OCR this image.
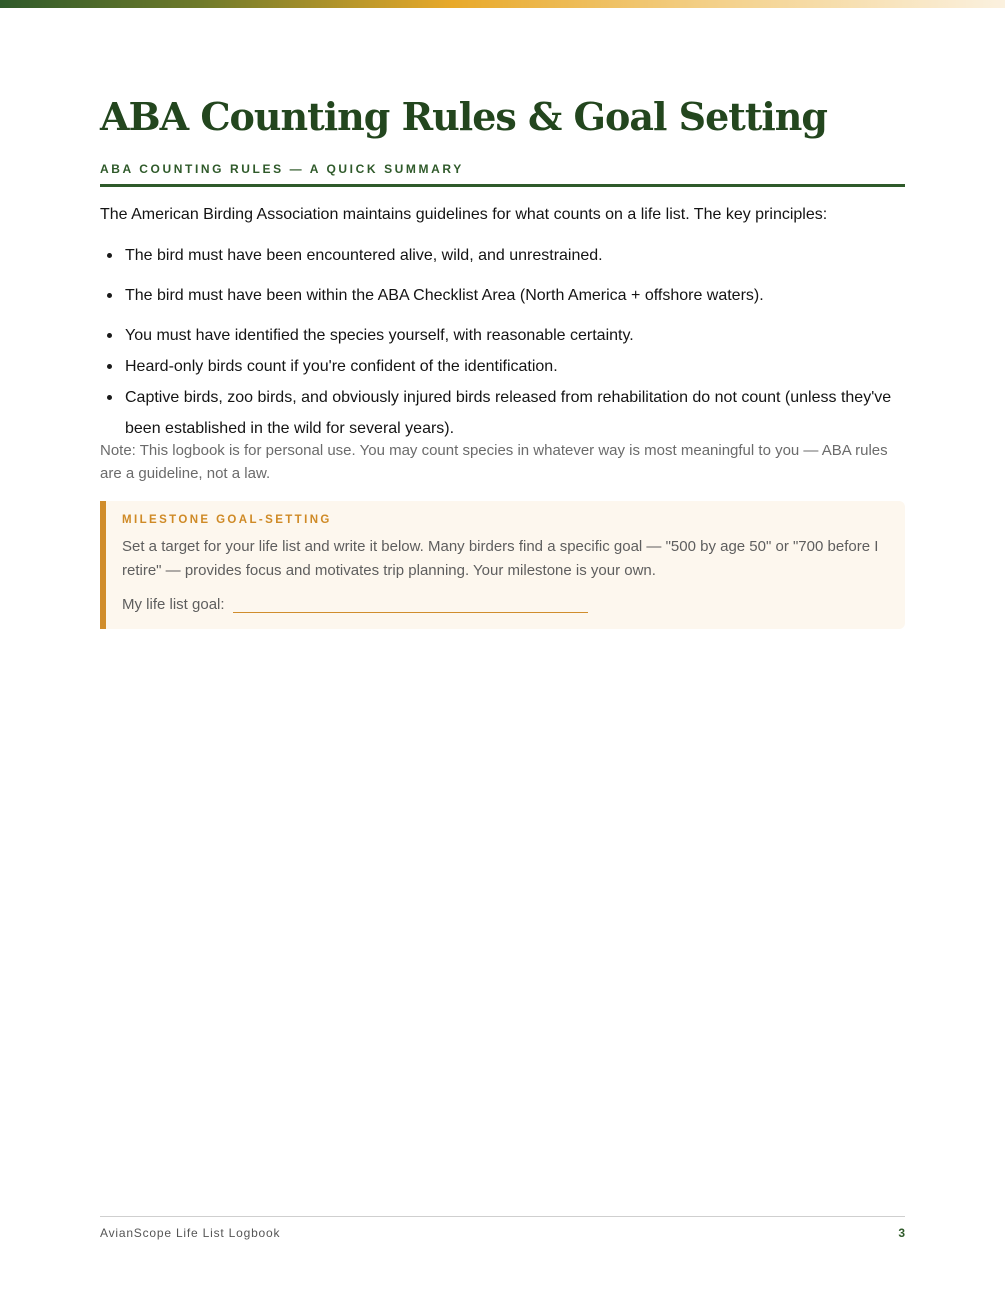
ABA Counting Rules & Goal Setting
ABA COUNTING RULES — A QUICK SUMMARY

The American Birding Association maintains guidelines for what counts on a life list. The key principles:

The bird must have been encountered alive, wild, and unrestrained.
The bird must have been within the ABA Checklist Area (North America + offshore waters).
You must have identified the species yourself, with reasonable certainty.
Heard-only birds count if you're confident of the identification.
Captive birds, zoo birds, and obviously injured birds released from rehabilitation do not count (unless they've been established in the wild for several years).

Note: This logbook is for personal use. You may count species in whatever way is most meaningful to you — ABA rules are a guideline, not a law.

MILESTONE GOAL-SETTING

Set a target for your life list and write it below. Many birders find a specific goal — "500 by age 50" or "700 before I retire" — provides focus and motivates trip planning. Your milestone is your own.

My life list goal:

AvianScope Life List Logbook	3
